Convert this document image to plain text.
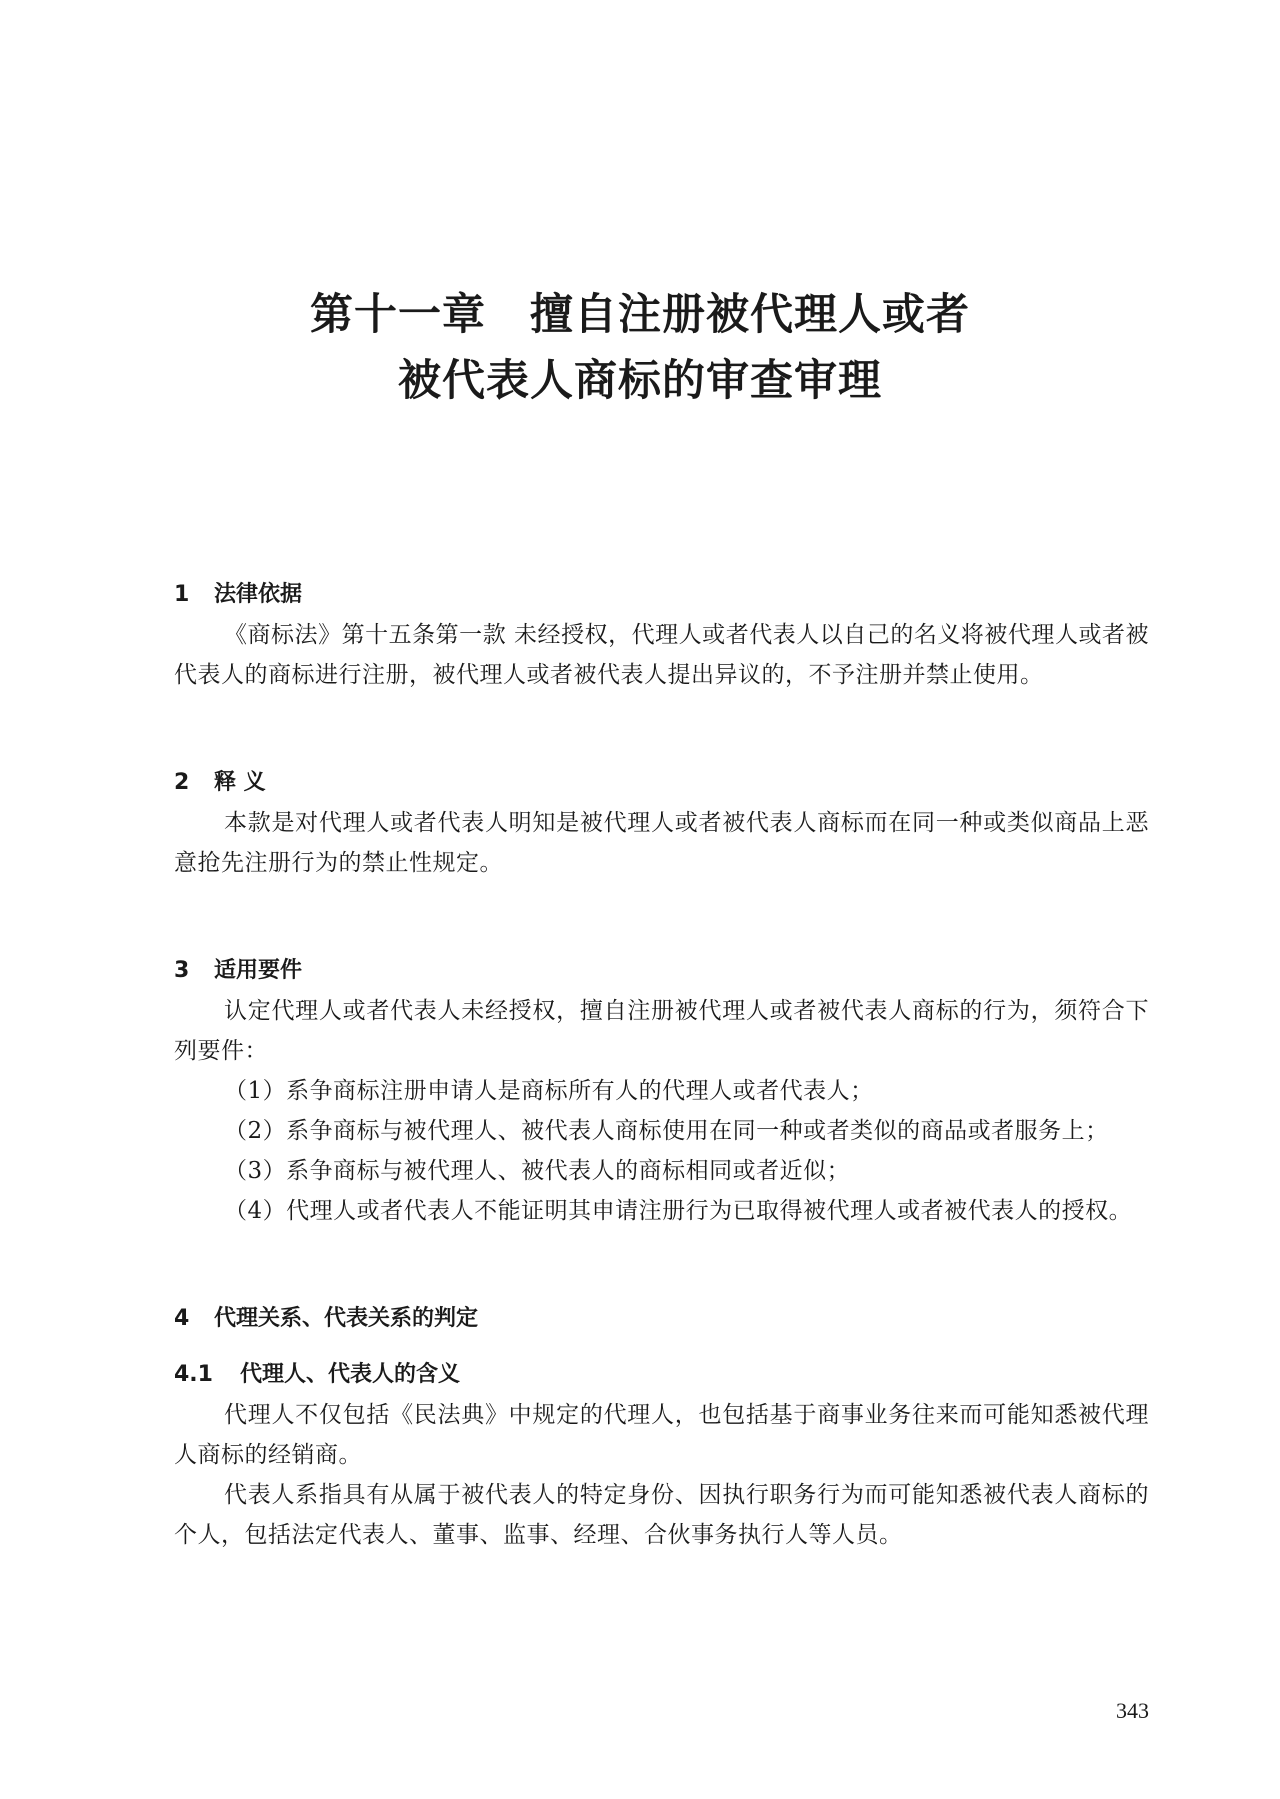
第十一章 擅自注册被代理人或者
被代表人商标的审查审理
1 法律依据

《商标法》第十五条第一款 未经授权，代理人或者代表人以自己的名义将被代理人或者被代表人的商标进行注册，被代理人或者被代表人提出异议的，不予注册并禁止使用。

2 释 义

本款是对代理人或者代表人明知是被代理人或者被代表人商标而在同一种或类似商品上恶意抢先注册行为的禁止性规定。

3 适用要件

认定代理人或者代表人未经授权，擅自注册被代理人或者被代表人商标的行为，须符合下列要件：

（1）系争商标注册申请人是商标所有人的代理人或者代表人；

（2）系争商标与被代理人、被代表人商标使用在同一种或者类似的商品或者服务上；

（3）系争商标与被代理人、被代表人的商标相同或者近似；

（4）代理人或者代表人不能证明其申请注册行为已取得被代理人或者被代表人的授权。

4 代理关系、代表关系的判定
4.1 代理人、代表人的含义

代理人不仅包括《民法典》中规定的代理人，也包括基于商事业务往来而可能知悉被代理人商标的经销商。

代表人系指具有从属于被代表人的特定身份、因执行职务行为而可能知悉被代表人商标的个人，包括法定代表人、董事、监事、经理、合伙事务执行人等人员。

343
